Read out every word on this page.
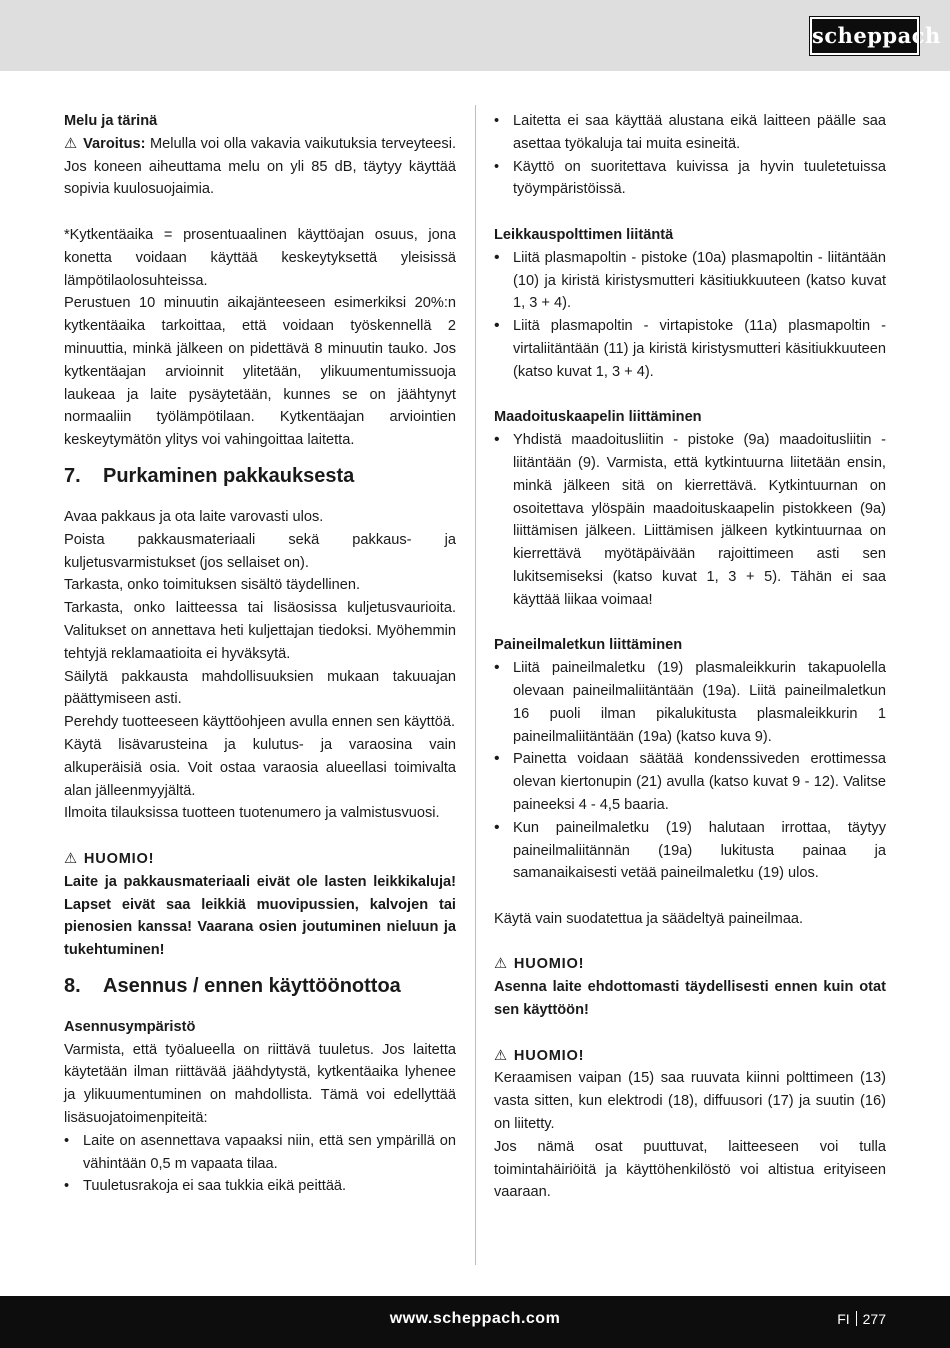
scheppach

Melu ja tärinä

⚠ Varoitus: Melulla voi olla vakavia vaikutuksia terveyteesi. Jos koneen aiheuttama melu on yli 85 dB, täytyy käyttää sopivia kuulosuojaimia.

*Kytkentäaika = prosentuaalinen käyttöajan osuus, jona konetta voidaan käyttää keskeytyksettä yleisissä lämpötilaolosuhteissa.

Perustuen 10 minuutin aikajänteeseen esimerkiksi 20%:n kytkentäaika tarkoittaa, että voidaan työskennellä 2 minuuttia, minkä jälkeen on pidettävä 8 minuutin tauko. Jos kytkentäajan arvioinnit ylitetään, ylikuumentumissuoja laukeaa ja laite pysäytetään, kunnes se on jäähtynyt normaaliin työlämpötilaan. Kytkentäajan arviointien keskeytymätön ylitys voi vahingoittaa laitetta.

7. Purkaminen pakkauksesta

Avaa pakkaus ja ota laite varovasti ulos.

Poista pakkausmateriaali sekä pakkaus- ja kuljetusvarmistukset (jos sellaiset on).

Tarkasta, onko toimituksen sisältö täydellinen.

Tarkasta, onko laitteessa tai lisäosissa kuljetusvaurioita. Valitukset on annettava heti kuljettajan tiedoksi. Myöhemmin tehtyjä reklamaatioita ei hyväksytä.

Säilytä pakkausta mahdollisuuksien mukaan takuuajan päättymiseen asti.

Perehdy tuotteeseen käyttöohjeen avulla ennen sen käyttöä.

Käytä lisävarusteina ja kulutus- ja varaosina vain alkuperäisiä osia. Voit ostaa varaosia alueellasi toimivalta alan jälleenmyyjältä.

Ilmoita tilauksissa tuotteen tuotenumero ja valmistusvuosi.

⚠ HUOMIO!

Laite ja pakkausmateriaali eivät ole lasten leikkikaluja! Lapset eivät saa leikkiä muovipussien, kalvojen tai pienosien kanssa! Vaarana osien joutuminen nieluun ja tukehtuminen!

8. Asennus / ennen käyttöönottoa

Asennusympäristö

Varmista, että työalueella on riittävä tuuletus. Jos laitetta käytetään ilman riittävää jäähdytystä, kytkentäaika lyhenee ja ylikuumentuminen on mahdollista. Tämä voi edellyttää lisäsuojatoimenpiteitä:

• Laite on asennettava vapaaksi niin, että sen ympärillä on vähintään 0,5 m vapaata tilaa.
• Tuuletusrakoja ei saa tukkia eikä peittää.
• Laitetta ei saa käyttää alustana eikä laitteen päälle saa asettaa työkaluja tai muita esineitä.
• Käyttö on suoritettava kuivissa ja hyvin tuuletetuissa työympäristöissä.

Leikkauspolttimen liitäntä

• Liitä plasmapoltin - pistoke (10a) plasmapoltin - liitäntään (10) ja kiristä kiristysmutteri käsitiukkuuteen (katso kuvat 1, 3 + 4).
• Liitä plasmapoltin - virtapistoke (11a) plasmapoltin - virtaliitäntään (11) ja kiristä kiristysmutteri käsitiukkuuteen (katso kuvat 1, 3 + 4).

Maadoituskaapelin liittäminen

• Yhdistä maadoitusliitin - pistoke (9a) maadoitusliitin - liitäntään (9). Varmista, että kytkintuurna liitetään ensin, minkä jälkeen sitä on kierrettävä. Kytkintuurnan on osoitettava ylöspäin maadoituskaapelin pistokkeen (9a) liittämisen jälkeen. Liittämisen jälkeen kytkintuurnaa on kierrettävä myötäpäivään rajoittimeen asti sen lukitsemiseksi (katso kuvat 1, 3 + 5). Tähän ei saa käyttää liikaa voimaa!

Paineilmaletkun liittäminen

• Liitä paineilmaletku (19) plasmaleikkurin takapuolella olevaan paineilmaliitäntään (19a). Liitä paineilmaletkun 16 puoli ilman pikalukitusta plasmaleikkurin 1 paineilmaliitäntään (19a) (katso kuva 9).
• Painetta voidaan säätää kondenssiveden erottimessa olevan kiertonupin (21) avulla (katso kuvat 9 - 12). Valitse paineeksi 4 - 4,5 baaria.
• Kun paineilmaletku (19) halutaan irrottaa, täytyy paineilmaliitännän (19a) lukitusta painaa ja samanaikaisesti vetää paineilmaletku (19) ulos.

Käytä vain suodatettua ja säädeltyä paineilmaa.

⚠ HUOMIO!

Asenna laite ehdottomasti täydellisesti ennen kuin otat sen käyttöön!

⚠ HUOMIO!

Keraamisen vaipan (15) saa ruuvata kiinni polttimeen (13) vasta sitten, kun elektrodi (18), diffuusori (17) ja suutin (16) on liitetty.

Jos nämä osat puuttuvat, laitteeseen voi tulla toimintahäiriöitä ja käyttöhenkilöstö voi altistua erityiseen vaaraan.

www.scheppach.com	FI 277
